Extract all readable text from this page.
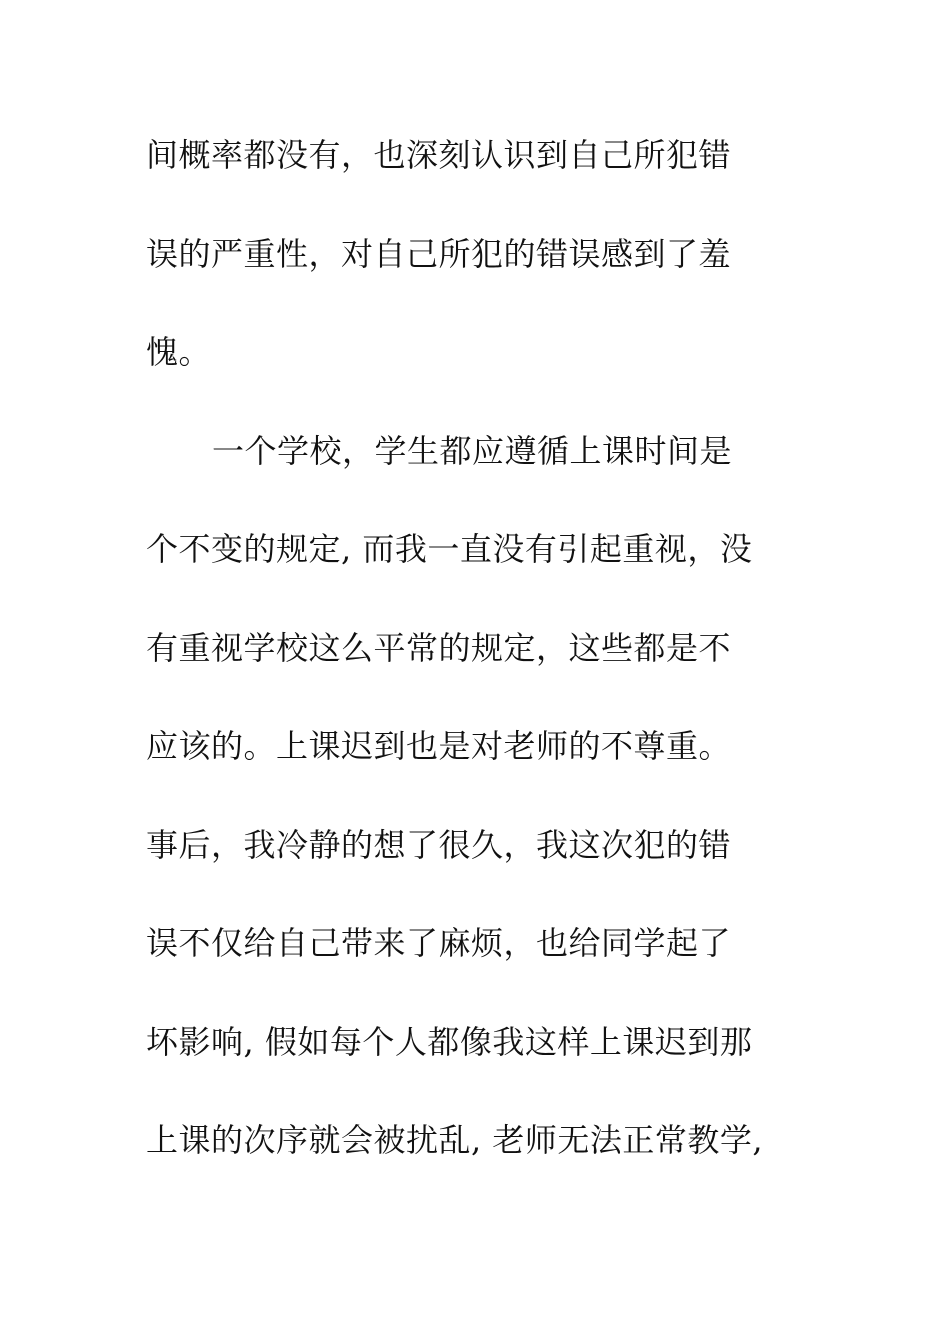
间概率都没有，也深刻认识到自己所犯错
误的严重性，对自己所犯的错误感到了羞
愧。
一个学校，学生都应遵循上课时间是
个不变的规定, 而我一直没有引起重视，没
有重视学校这么平常的规定，这些都是不
应该的。上课迟到也是对老师的不尊重。
事后，我冷静的想了很久，我这次犯的错
误不仅给自己带来了麻烦，也给同学起了
坏影响, 假如每个人都像我这样上课迟到那
上课的次序就会被扰乱, 老师无法正常教学,
